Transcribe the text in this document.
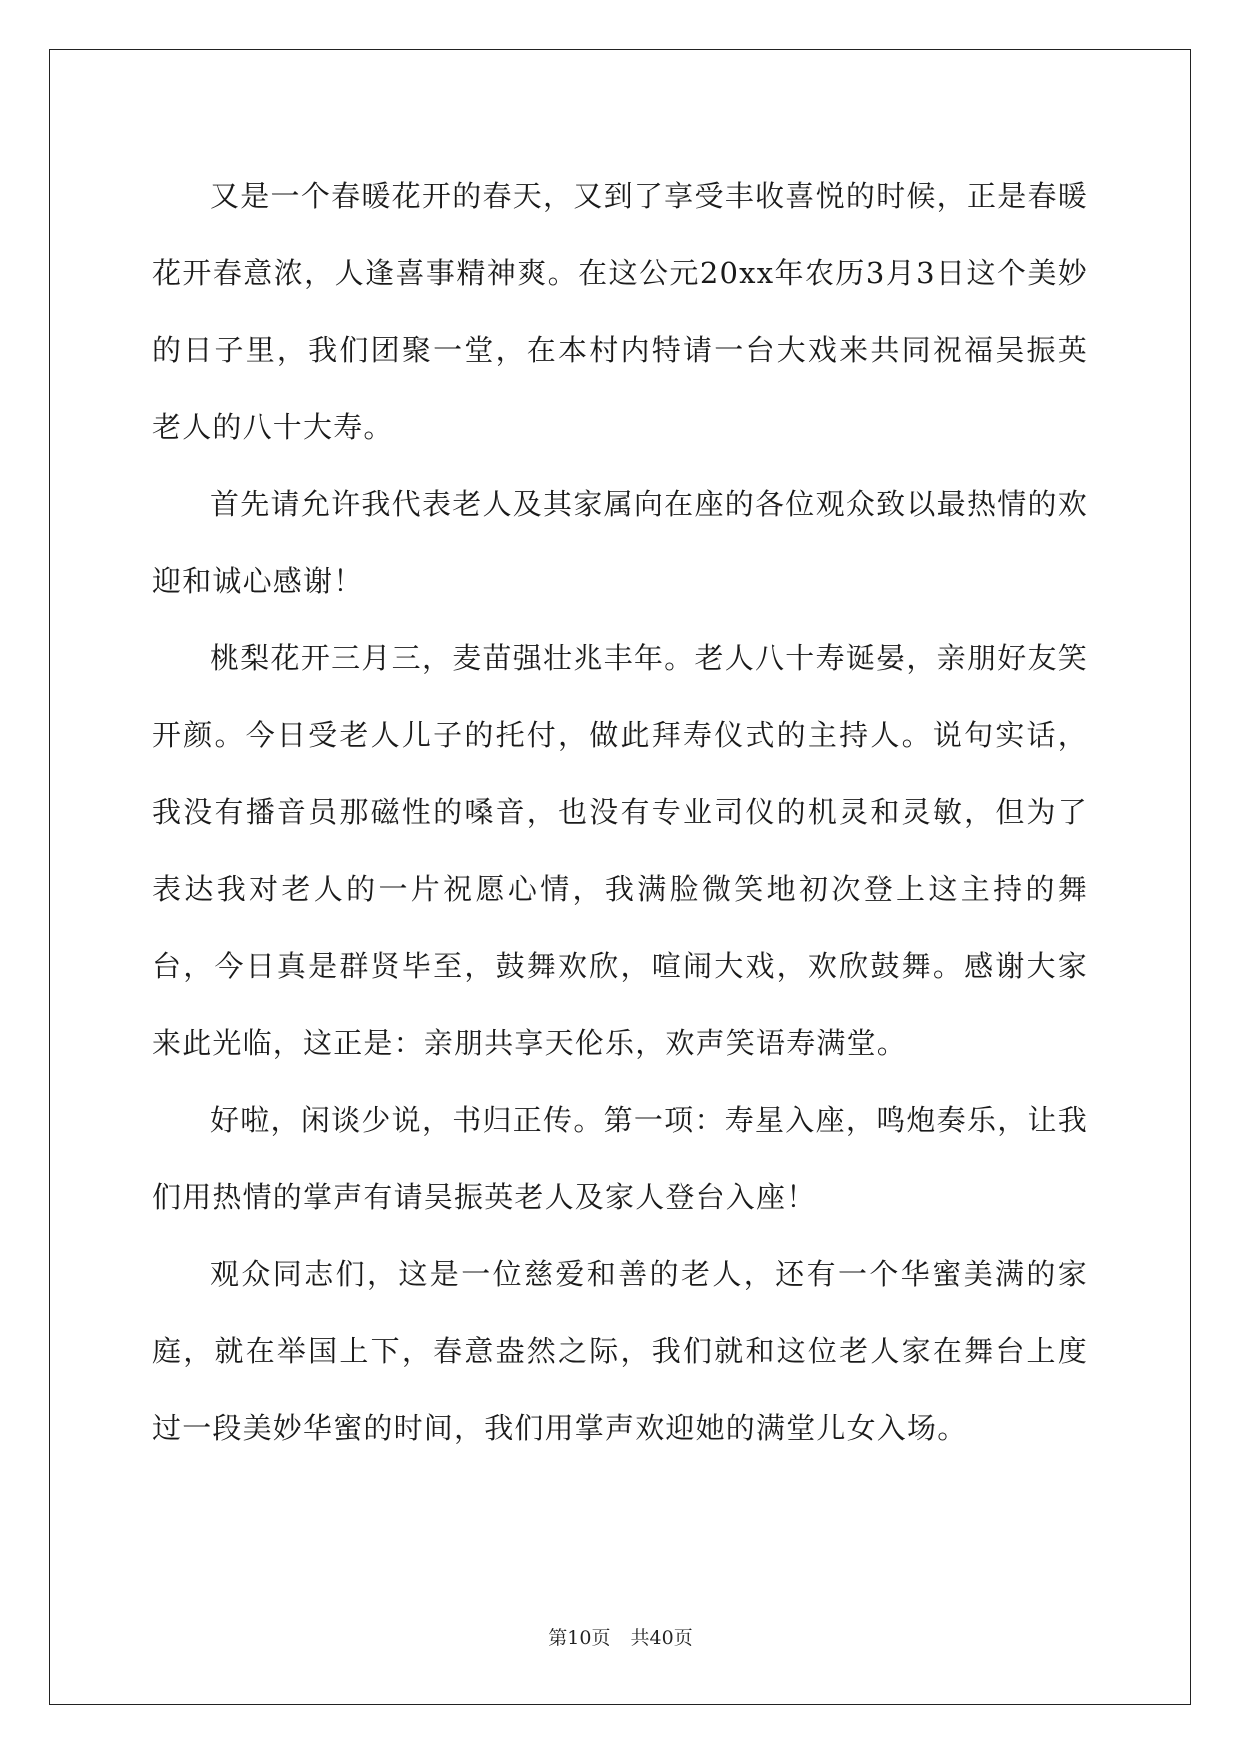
又是一个春暖花开的春天，又到了享受丰收喜悦的时候，正是春暖花开春意浓，人逢喜事精神爽。在这公元20xx年农历3月3日这个美妙的日子里，我们团聚一堂，在本村内特请一台大戏来共同祝福吴振英老人的八十大寿。

首先请允许我代表老人及其家属向在座的各位观众致以最热情的欢迎和诚心感谢！

桃梨花开三月三，麦苗强壮兆丰年。老人八十寿诞晏，亲朋好友笑开颜。今日受老人儿子的托付，做此拜寿仪式的主持人。说句实话，我没有播音员那磁性的嗓音，也没有专业司仪的机灵和灵敏，但为了表达我对老人的一片祝愿心情，我满脸微笑地初次登上这主持的舞台，今日真是群贤毕至，鼓舞欢欣，喧闹大戏，欢欣鼓舞。感谢大家来此光临，这正是：亲朋共享天伦乐，欢声笑语寿满堂。

好啦，闲谈少说，书归正传。第一项：寿星入座，鸣炮奏乐，让我们用热情的掌声有请吴振英老人及家人登台入座！

观众同志们，这是一位慈爱和善的老人，还有一个华蜜美满的家庭，就在举国上下，春意盎然之际，我们就和这位老人家在舞台上度过一段美妙华蜜的时间，我们用掌声欢迎她的满堂儿女入场。

第10页 共40页
